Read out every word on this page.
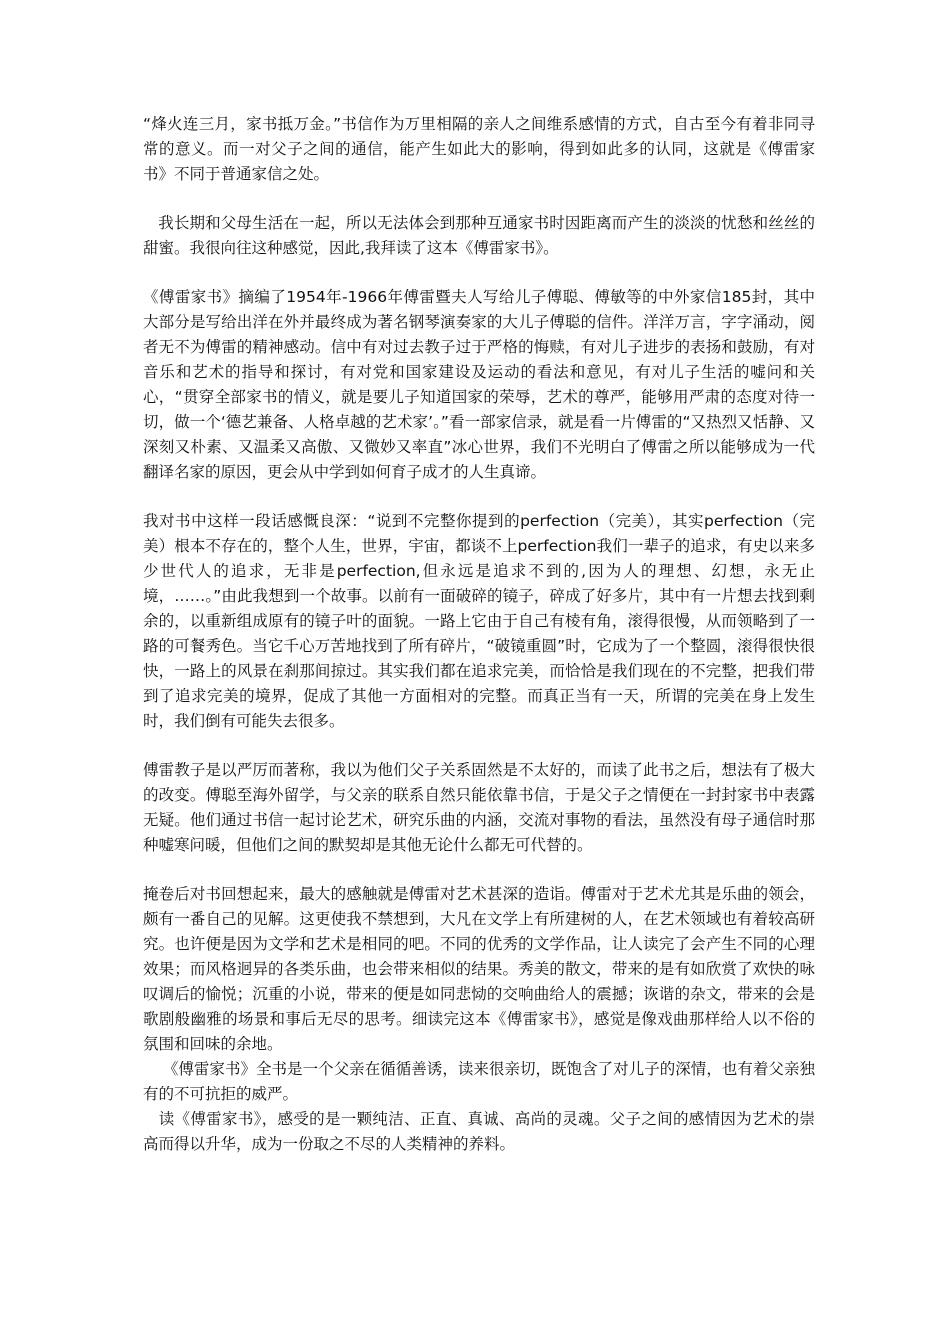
“烽火连三月，家书抵万金。”书信作为万里相隔的亲人之间维系感情的方式，自古至今有着非同寻常的意义。而一对父子之间的通信，能产生如此大的影响，得到如此多的认同，这就是《傅雷家书》不同于普通家信之处。

我长期和父母生活在一起，所以无法体会到那种互通家书时因距离而产生的淡淡的忧愁和丝丝的甜蜜。我很向往这种感觉，因此,我拜读了这本《傅雷家书》。

《傅雷家书》摘编了1954年-1966年傅雷暨夫人写给儿子傅聪、傅敏等的中外家信185封，其中大部分是写给出洋在外并最终成为著名钢琴演奏家的大儿子傅聪的信件。洋洋万言，字字涌动，阅者无不为傅雷的精神感动。信中有对过去教子过于严格的悔赎，有对儿子进步的表扬和鼓励，有对音乐和艺术的指导和探讨，有对党和国家建设及运动的看法和意见，有对儿子生活的嘘问和关心，“贯穿全部家书的情义，就是要儿子知道国家的荣辱，艺术的尊严，能够用严肃的态度对待一切，做一个‘德艺兼备、人格卓越的艺术家’。”看一部家信录，就是看一片傅雷的“又热烈又恬静、又深刻又朴素、又温柔又高傲、又微妙又率直”冰心世界，我们不光明白了傅雷之所以能够成为一代翻译名家的原因，更会从中学到如何育子成才的人生真谛。

我对书中这样一段话感慨良深：“说到不完整你提到的perfection（完美），其实perfection（完美）根本不存在的，整个人生，世界，宇宙，都谈不上perfection我们一辈子的追求，有史以来多少世代人的追求，无非是perfection,但永远是追求不到的,因为人的理想、幻想，永无止境，……。”由此我想到一个故事。以前有一面破碎的镜子，碎成了好多片，其中有一片想去找到剩余的，以重新组成原有的镜子叶的面貌。一路上它由于自己有棱有角，滚得很慢，从而领略到了一路的可餐秀色。当它千心万苦地找到了所有碎片，“破镜重圆”时，它成为了一个整圆，滚得很快很快，一路上的风景在刹那间掠过。其实我们都在追求完美，而恰恰是我们现在的不完整，把我们带到了追求完美的境界，促成了其他一方面相对的完整。而真正当有一天，所谓的完美在身上发生时，我们倒有可能失去很多。

傅雷教子是以严厉而著称，我以为他们父子关系固然是不太好的，而读了此书之后，想法有了极大的改变。傅聪至海外留学，与父亲的联系自然只能依靠书信，于是父子之情便在一封封家书中表露无疑。他们通过书信一起讨论艺术，研究乐曲的内涵，交流对事物的看法，虽然没有母子通信时那种嘘寒问暖，但他们之间的默契却是其他无论什么都无可代替的。

掩卷后对书回想起来，最大的感触就是傅雷对艺术甚深的造诣。傅雷对于艺术尤其是乐曲的领会，颇有一番自己的见解。这更使我不禁想到，大凡在文学上有所建树的人，在艺术领域也有着较高研究。也许便是因为文学和艺术是相同的吧。不同的优秀的文学作品，让人读完了会产生不同的心理效果；而风格迥异的各类乐曲，也会带来相似的结果。秀美的散文，带来的是有如欣赏了欢快的咏叹调后的愉悦；沉重的小说，带来的便是如同悲恸的交响曲给人的震撼；诙谐的杂文，带来的会是歌剧般幽雅的场景和事后无尽的思考。细读完这本《傅雷家书》，感觉是像戏曲那样给人以不俗的氛围和回味的余地。

《傅雷家书》全书是一个父亲在循循善诱，读来很亲切，既饱含了对儿子的深情，也有着父亲独有的不可抗拒的威严。

读《傅雷家书》，感受的是一颗纯洁、正直、真诚、高尚的灵魂。父子之间的感情因为艺术的崇高而得以升华，成为一份取之不尽的人类精神的养料。
